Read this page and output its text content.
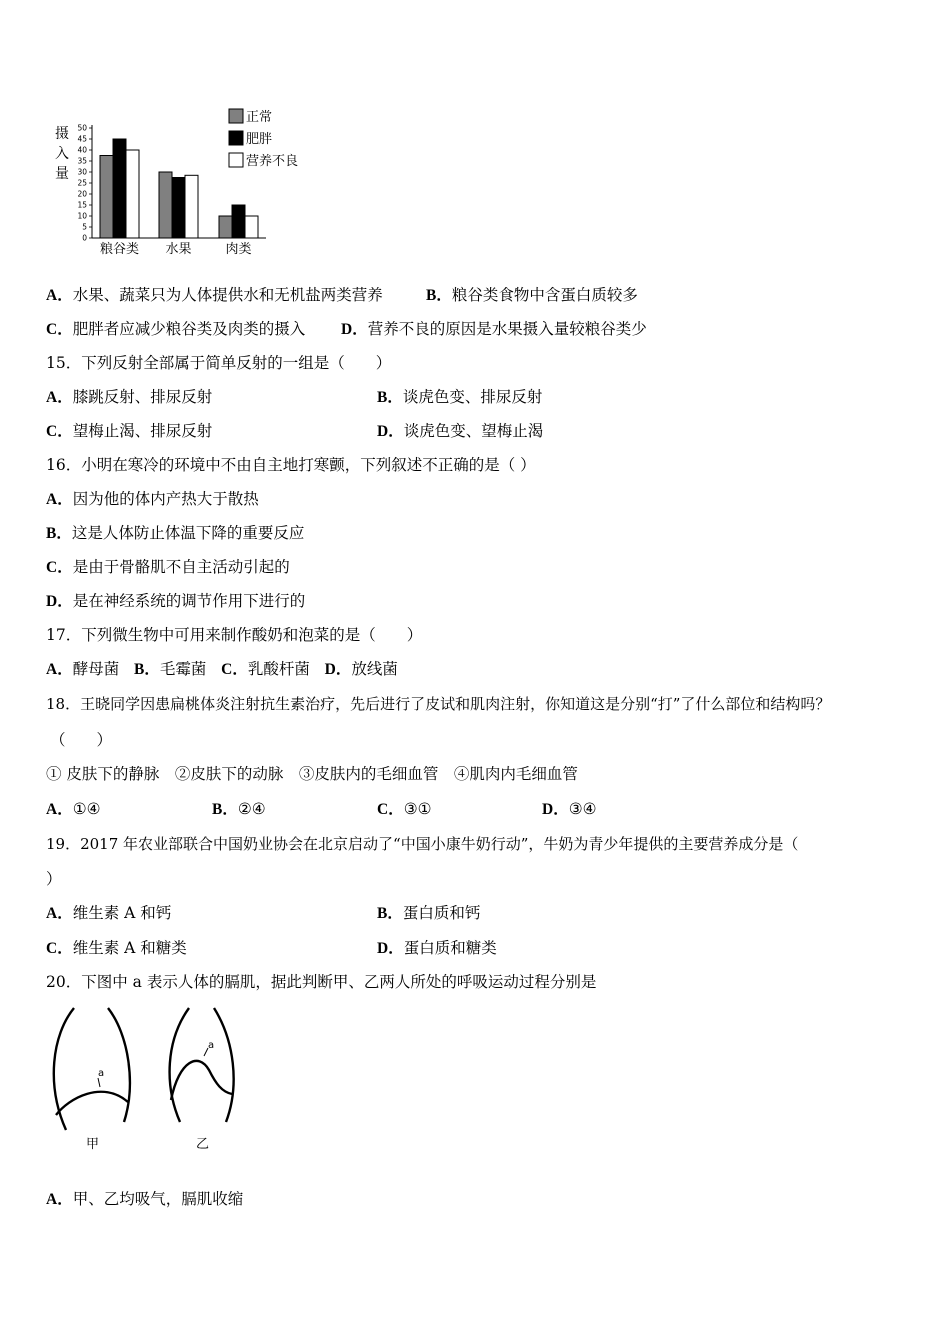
摄
入
量
0
5
10
15
20
25
30
35
40
45
50
粮谷类 水果	肉类
正常
肥胖
营养不良
A．水果、蔬菜只为人体提供水和无机盐两类营养	B．粮谷类食物中含蛋白质较多
C．肥胖者应减少粮谷类及肉类的摄入 D．营养不良的原因是水果摄入量较粮谷类少
15．下列反射全部属于简单反射的一组是（　　）
A．膝跳反射、排尿反射	B．谈虎色变、排尿反射
C．望梅止渴、排尿反射	D．谈虎色变、望梅止渴
16．小明在寒冷的环境中不由自主地打寒颤，下列叙述不正确的是（ ）
A．因为他的体内产热大于散热
B．这是人体防止体温下降的重要反应
C．是由于骨骼肌不自主活动引起的
D．是在神经系统的调节作用下进行的
17．下列微生物中可用来制作酸奶和泡菜的是（　　）
A．酵母菌 B．毛霉菌 C．乳酸杆菌 D．放线菌
18．王晓同学因患扁桃体炎注射抗生素治疗，先后进行了皮试和肌肉注射，你知道这是分别“打”了什么部位和结构吗？
（　　）
① 皮肤下的静脉　②皮肤下的动脉　③皮肤内的毛细血管　④肌肉内毛细血管
A．①④	B．②④	C．③①	D．③④
19．2017 年农业部联合中国奶业协会在北京启动了“中国小康牛奶行动”，牛奶为青少年提供的主要营养成分是（
）
A．维生素 A 和钙	B．蛋白质和钙
C．维生素 A 和糖类	D．蛋白质和糖类
20．下图中 a 表示人体的膈肌，据此判断甲、乙两人所处的呼吸运动过程分别是
a
甲
a
乙
A．甲、乙均吸气，膈肌收缩
